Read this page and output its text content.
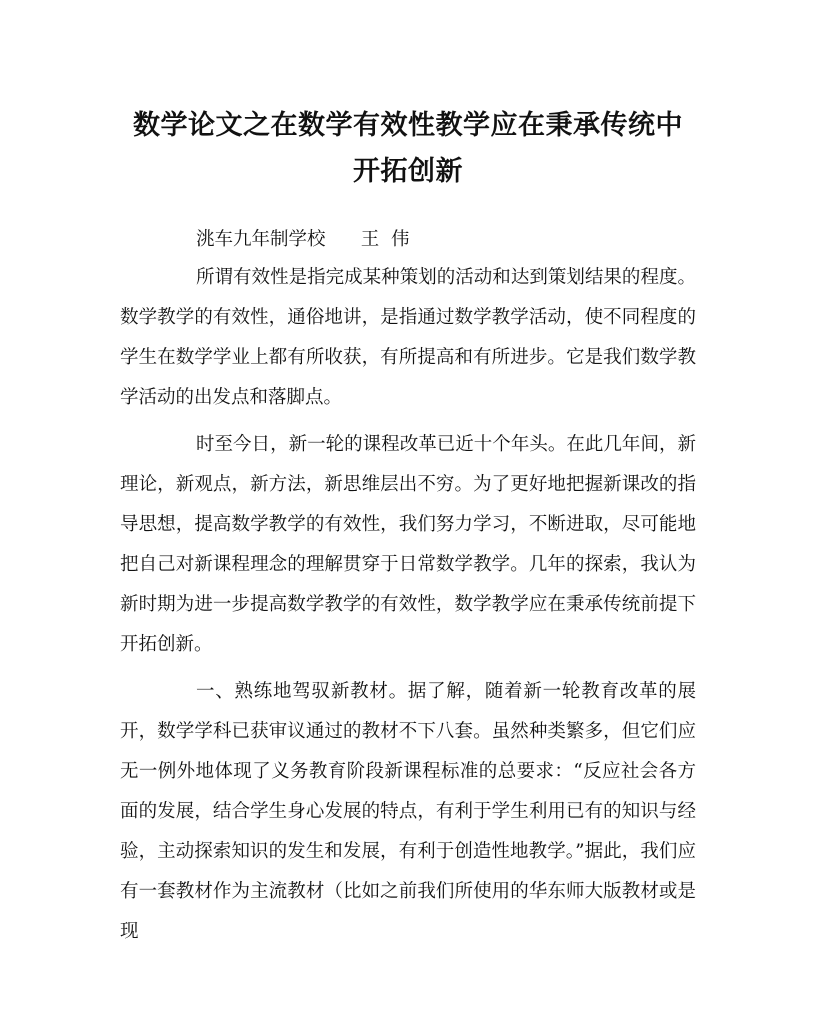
数学论文之在数学有效性教学应在秉承传统中开拓创新
洮车九年制学校      王  伟

所谓有效性是指完成某种策划的活动和达到策划结果的程度。数学教学的有效性，通俗地讲，是指通过数学教学活动，使不同程度的学生在数学学业上都有所收获，有所提高和有所进步。它是我们数学教学活动的出发点和落脚点。

时至今日，新一轮的课程改革已近十个年头。在此几年间，新理论，新观点，新方法，新思维层出不穷。为了更好地把握新课改的指导思想，提高数学教学的有效性，我们努力学习，不断进取，尽可能地把自己对新课程理念的理解贯穿于日常数学教学。几年的探索，我认为新时期为进一步提高数学教学的有效性，数学教学应在秉承传统前提下开拓创新。

一、熟练地驾驭新教材。据了解，随着新一轮教育改革的展开，数学学科已获审议通过的教材不下八套。虽然种类繁多，但它们应无一例外地体现了义务教育阶段新课程标准的总要求：“反应社会各方面的发展，结合学生身心发展的特点，有利于学生利用已有的知识与经验，主动探索知识的发生和发展，有利于创造性地教学。”据此，我们应有一套教材作为主流教材（比如之前我们所使用的华东师大版教材或是现
